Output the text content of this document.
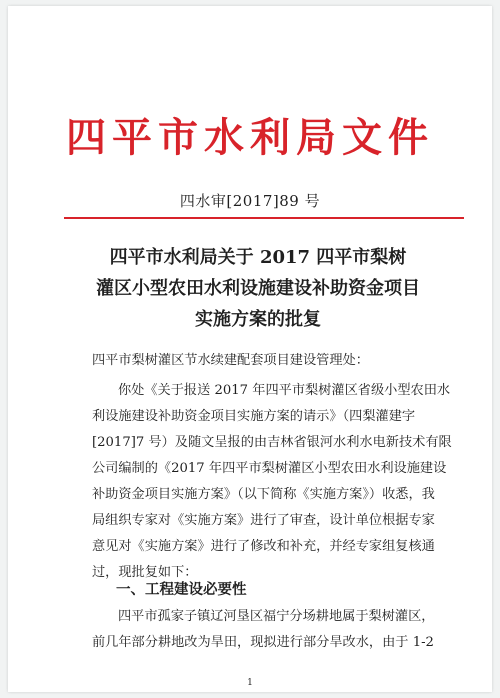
四平市水利局文件
四水审[2017]89 号
四平市水利局关于 2017 四平市梨树
灌区小型农田水利设施建设补助资金项目
实施方案的批复
四平市梨树灌区节水续建配套项目建设管理处：
你处《关于报送 2017 年四平市梨树灌区省级小型农田水
利设施建设补助资金项目实施方案的请示》（四梨灌建字
[2017]7 号）及随文呈报的由吉林省银河水利水电新技术有限
公司编制的《2017 年四平市梨树灌区小型农田水利设施建设
补助资金项目实施方案》（以下简称《实施方案》）收悉，我
局组织专家对《实施方案》进行了审查，设计单位根据专家
意见对《实施方案》进行了修改和补充，并经专家组复核通
过，现批复如下：
一、工程建设必要性
四平市孤家子镇辽河垦区福宁分场耕地属于梨树灌区，
前几年部分耕地改为旱田，现拟进行部分旱改水，由于 1-2
1
